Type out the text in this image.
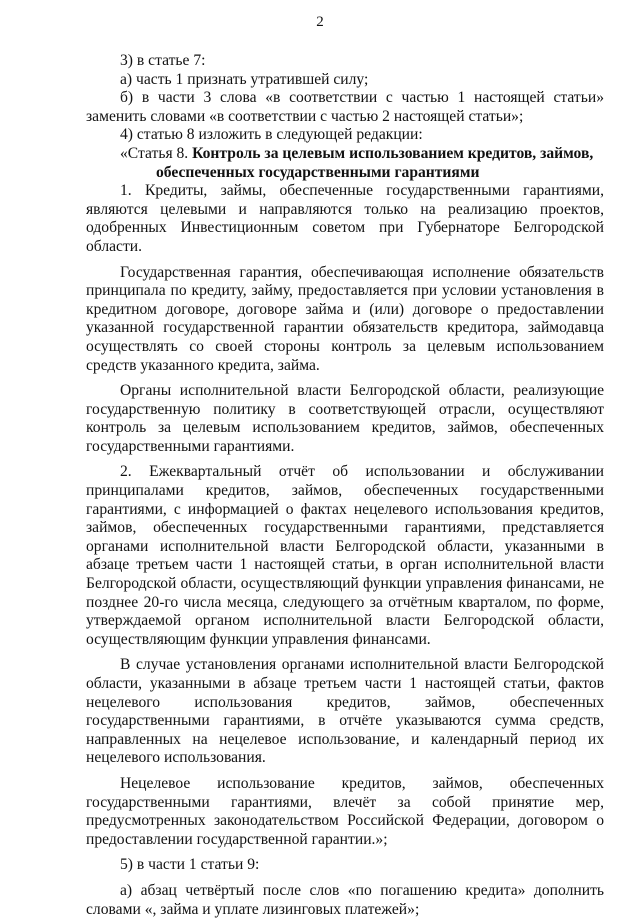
2

3) в статье 7:

а) часть 1 признать утратившей силу;

б) в части 3 слова «в соответствии с частью 1 настоящей статьи» заменить словами «в соответствии с частью 2 настоящей статьи»;

4) статью 8 изложить в следующей редакции:

«Статья 8. Контроль за целевым использованием кредитов, займов,
обеспеченных государственными гарантиями

1. Кредиты, займы, обеспеченные государственными гарантиями, являются целевыми и направляются только на реализацию проектов, одобренных Инвестиционным советом при Губернаторе Белгородской области.

Государственная гарантия, обеспечивающая исполнение обязательств принципала по кредиту, займу, предоставляется при условии установления в кредитном договоре, договоре займа и (или) договоре о предоставлении указанной государственной гарантии обязательств кредитора, займодавца осуществлять со своей стороны контроль за целевым использованием средств указанного кредита, займа.

Органы исполнительной власти Белгородской области, реализующие государственную политику в соответствующей отрасли, осуществляют контроль за целевым использованием кредитов, займов, обеспеченных государственными гарантиями.

2. Ежеквартальный отчёт об использовании и обслуживании принципалами кредитов, займов, обеспеченных государственными гарантиями, с информацией о фактах нецелевого использования кредитов, займов, обеспеченных государственными гарантиями, представляется органами исполнительной власти Белгородской области, указанными в абзаце третьем части 1 настоящей статьи, в орган исполнительной власти Белгородской области, осуществляющий функции управления финансами, не позднее 20-го числа месяца, следующего за отчётным кварталом, по форме, утверждаемой органом исполнительной власти Белгородской области, осуществляющим функции управления финансами.

В случае установления органами исполнительной власти Белгородской области, указанными в абзаце третьем части 1 настоящей статьи, фактов нецелевого использования кредитов, займов, обеспеченных государственными гарантиями, в отчёте указываются сумма средств, направленных на нецелевое использование, и календарный период их нецелевого использования.

Нецелевое использование кредитов, займов, обеспеченных государственными гарантиями, влечёт за собой принятие мер, предусмотренных законодательством Российской Федерации, договором о предоставлении государственной гарантии.»;

5) в части 1 статьи 9:

а) абзац четвёртый после слов «по погашению кредита» дополнить словами «, займа и уплате лизинговых платежей»;
